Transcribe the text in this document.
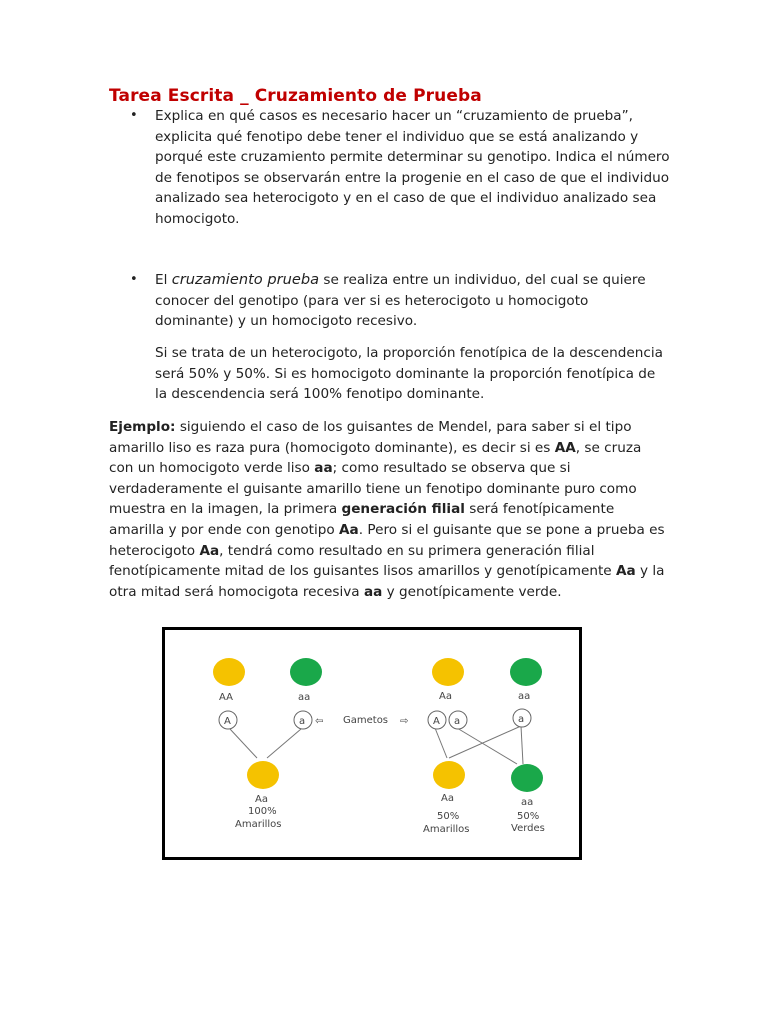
Tarea Escrita _ Cruzamiento de Prueba
• Explica en qué casos es necesario hacer un “cruzamiento de prueba”, explicita qué fenotipo debe tener el individuo que se está analizando y porqué este cruzamiento permite determinar su genotipo. Indica el número de fenotipos se observarán entre la progenie en el caso de que el individuo analizado sea heterocigoto y en el caso de que el individuo analizado sea homocigoto.

• El cruzamiento prueba se realiza entre un individuo, del cual se quiere conocer del genotipo (para ver si es heterocigoto u homocigoto dominante) y un homocigoto recesivo.

Si se trata de un heterocigoto, la proporción fenotípica de la descendencia será 50% y 50%. Si es homocigoto dominante la proporción fenotípica de la descendencia será 100% fenotipo dominante.

Ejemplo: siguiendo el caso de los guisantes de Mendel, para saber si el tipo amarillo liso es raza pura (homocigoto dominante), es decir si es AA, se cruza con un homocigoto verde liso aa; como resultado se observa que si verdaderamente el guisante amarillo tiene un fenotipo dominante puro como muestra en la imagen, la primera generación filial será fenotípicamente amarilla y por ende con genotipo Aa. Pero si el guisante que se pone a prueba es heterocigoto Aa, tendrá como resultado en su primera generación filial fenotípicamente mitad de los guisantes lisos amarillos y genotípicamente Aa y la otra mitad será homocigota recesiva aa y genotípicamente verde.

AA	aa
A	a ⇦ Gametos ⇨
Aa
100%
Amarillos
Aa	aa
A a	a
Aa
50%
Amarillos
aa
50%
Verdes
